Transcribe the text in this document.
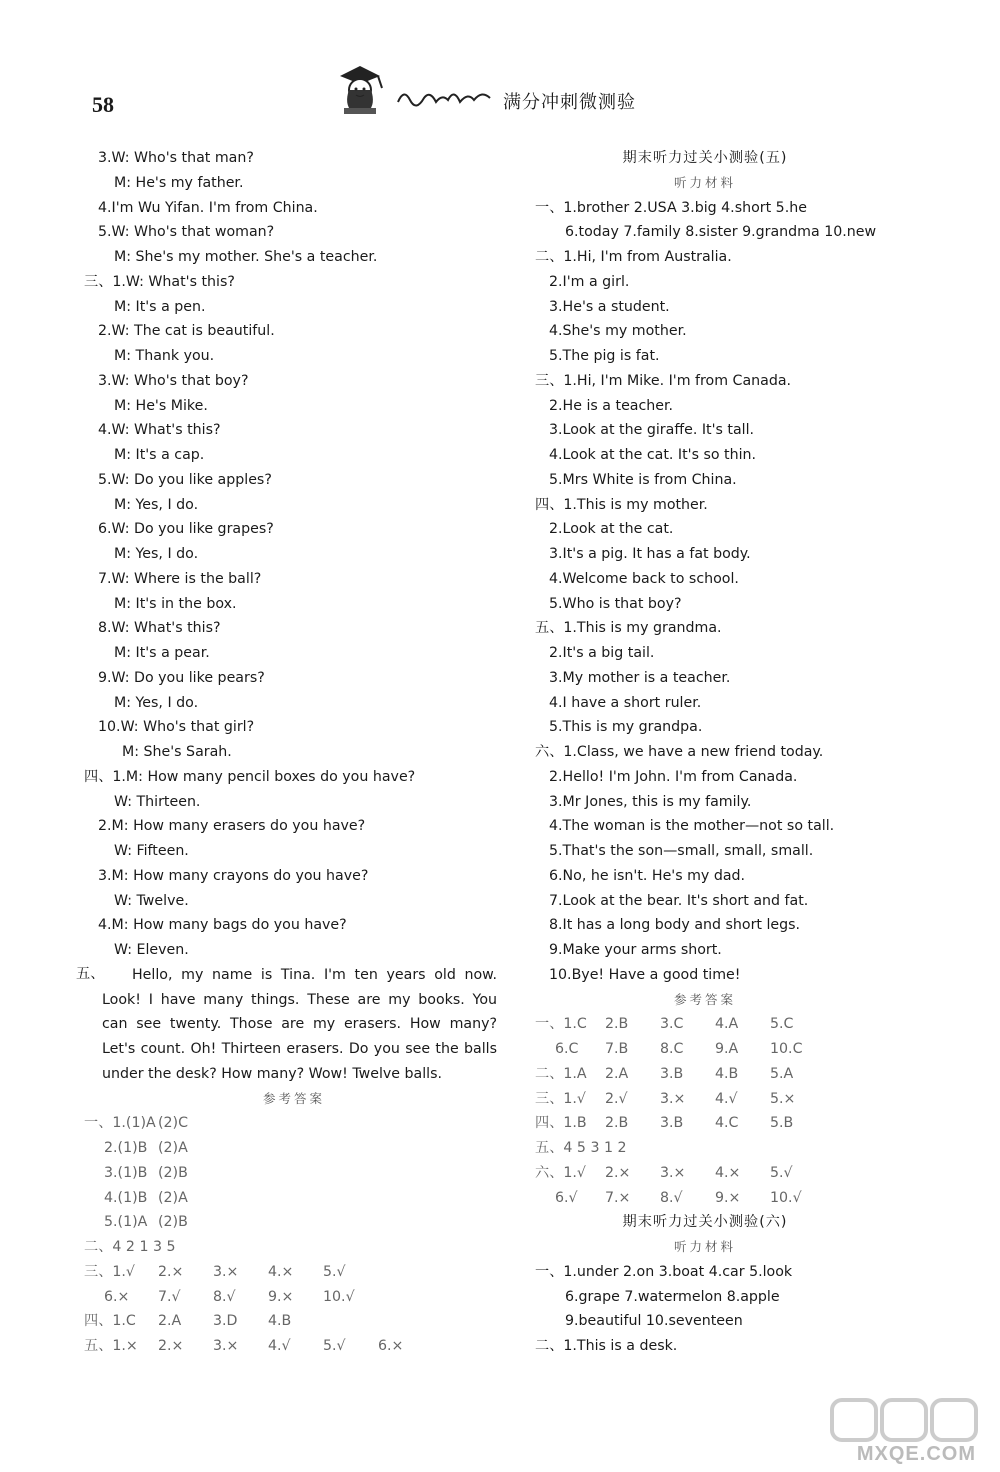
58	满分冲刺微测验
3.W: Who's that man?
M: He's my father.
4.I'm Wu Yifan. I'm from China.
5.W: Who's that woman?
M: She's my mother. She's a teacher.
三、1.W: What's this?
M: It's a pen.
2.W: The cat is beautiful.
M: Thank you.
3.W: Who's that boy?
M: He's Mike.
4.W: What's this?
M: It's a cap.
5.W: Do you like apples?
M: Yes, I do.
6.W: Do you like grapes?
M: Yes, I do.
7.W: Where is the ball?
M: It's in the box.
8.W: What's this?
M: It's a pear.
9.W: Do you like pears?
M: Yes, I do.
10.W: Who's that girl?
M: She's Sarah.
四、1.M: How many pencil boxes do you have?
W: Thirteen.
2.M: How many erasers do you have?
W: Fifteen.
3.M: How many crayons do you have?
W: Twelve.
4.M: How many bags do you have?
W: Eleven.
五、	Hello, my name is Tina. I'm ten years old now. Look! I have many things. These are my books. You can see twenty. Those are my erasers. How many? Let's count. Oh! Thirteen erasers. Do you see the balls under the desk? How many? Wow! Twelve balls.

参考答案
一、1.(1)A (2)C
2.(1)B (2)A
3.(1)B (2)B
4.(1)B (2)A
5.(1)A (2)B
二、4 2 1 3 5
三、1.√	2.×	3.×	4.×	5.√
6.×	7.√	8.√	9.×	10.√
四、1.C	2.A	3.D	4.B
五、1.×	2.×	3.×	4.√	5.√	6.×
期末听力过关小测验(五)
听力材料
一、1.brother 2.USA 3.big 4.short 5.he
6.today 7.family 8.sister 9.grandma 10.new
二、1.Hi, I'm from Australia.
2.I'm a girl.
3.He's a student.
4.She's my mother.
5.The pig is fat.
三、1.Hi, I'm Mike. I'm from Canada.
2.He is a teacher.
3.Look at the giraffe. It's tall.
4.Look at the cat. It's so thin.
5.Mrs White is from China.
四、1.This is my mother.
2.Look at the cat.
3.It's a pig. It has a fat body.
4.Welcome back to school.
5.Who is that boy?
五、1.This is my grandma.
2.It's a big tail.
3.My mother is a teacher.
4.I have a short ruler.
5.This is my grandpa.
六、1.Class, we have a new friend today.
2.Hello! I'm John. I'm from Canada.
3.Mr Jones, this is my family.
4.The woman is the mother—not so tall.
5.That's the son—small, small, small.
6.No, he isn't. He's my dad.
7.Look at the bear. It's short and fat.
8.It has a long body and short legs.
9.Make your arms short.
10.Bye! Have a good time!
参考答案
一、1.C	2.B	3.C	4.A	5.C
6.C	7.B	8.C	9.A	10.C
二、1.A	2.A	3.B	4.B	5.A
三、1.√	2.√	3.×	4.√	5.×
四、1.B	2.B	3.B	4.C	5.B
五、4 5 3 1 2
六、1.√	2.×	3.×	4.×	5.√
6.√	7.×	8.√	9.×	10.√
期末听力过关小测验(六)
听力材料
一、1.under 2.on 3.boat 4.car 5.look
6.grape 7.watermelon 8.apple
9.beautiful 10.seventeen
二、1.This is a desk.
MXQE.COM
